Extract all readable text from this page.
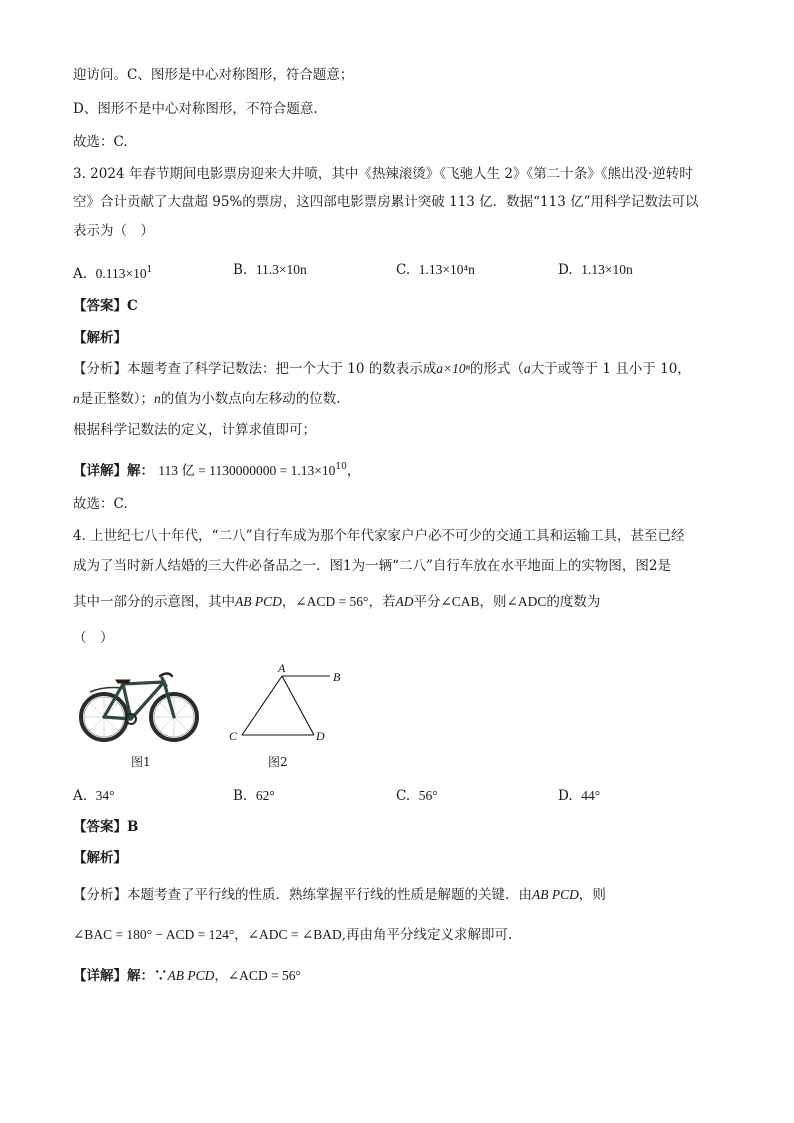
迎访问。C、图形是中心对称图形，符合题意；
D、图形不是中心对称图形，不符合题意.
故选：C.
3. 2024 年春节期间电影票房迎来大井喷，其中《热辣滚烫》《飞驰人生 2》《第二十条》《熊出没·逆转时
空》合计贡献了大盘超 95%的票房，这四部电影票房累计突破 113 亿．数据“113 亿”用科学记数法可以
表示为（　）
A. $0.113\times 10^1$	B. 11.3×10n	C. 1.13×10⁴n	D. 1.13×10n
【答案】C
【解析】
【分析】本题考查了科学记数法：把一个大于 10 的数表示成a×10ⁿ的形式（a大于或等于 1 且小于 10，
n是正整数）；n的值为小数点向左移动的位数.
根据科学记数法的定义，计算求值即可；
【详解】解： 113 亿 = $1130000000 = 1.13\times 10^{10}$，
故选：C.
4. 上世纪七八十年代，“二八”自行车成为那个年代家家户户必不可少的交通工具和运输工具，甚至已经
成为了当时新人结婚的三大件必备品之一．图1为一辆“二八”自行车放在水平地面上的实物图，图2是
其中一部分的示意图，其中AB PCD，∠ACD = 56°，若AD平分∠CAB，则∠ADC的度数为
（　）
图1
A
B
C	D
图2
A. 34°	B. 62°	C. 56°	D. 44°
【答案】B
【解析】
【分析】本题考查了平行线的性质．熟练掌握平行线的性质是解题的关键．由AB PCD，则
∠BAC = 180° − ACD = 124°，∠ADC = ∠BAD,再由角平分线定义求解即可.
【详解】解：∵AB PCD，∠ACD = 56°
